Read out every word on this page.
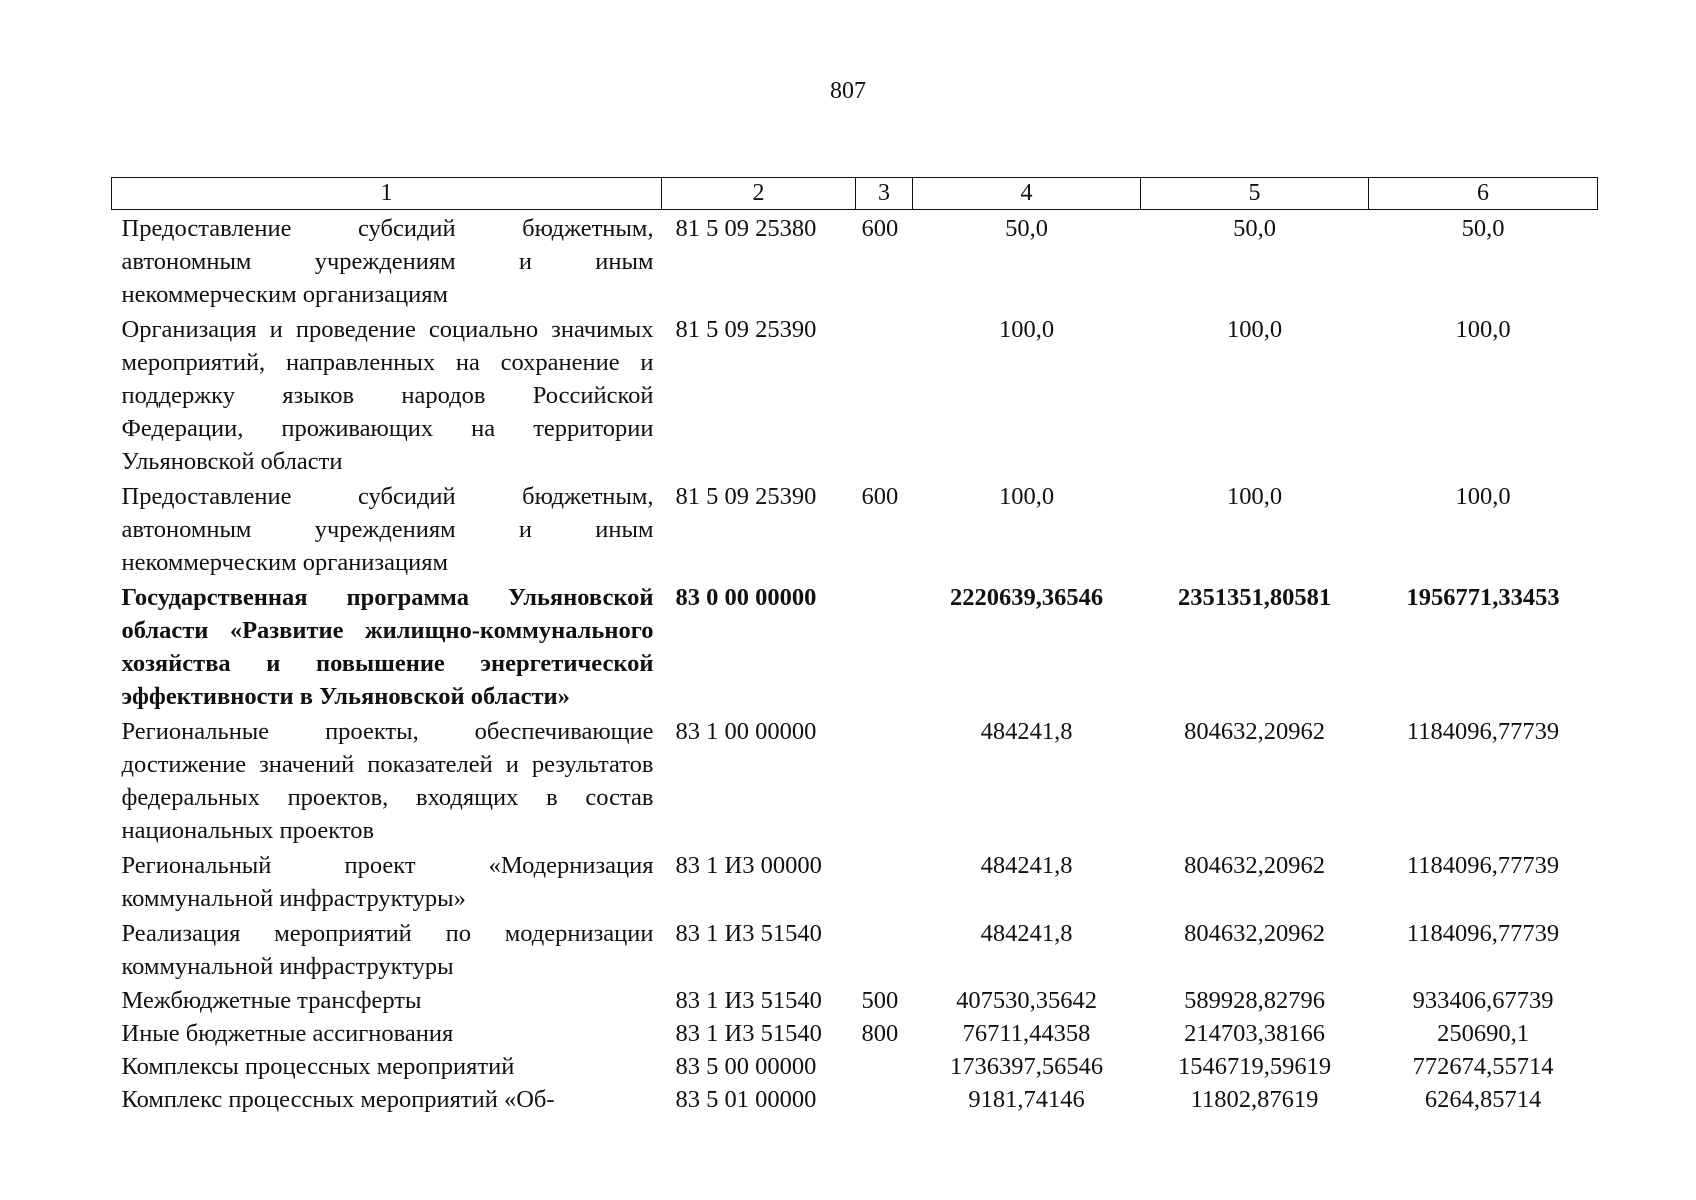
807
1	2	3	4	5	6
Предоставление субсидий бюджетным, автономным учреждениям и иным некоммерческим организациям	81 5 09 25380	600	50,0	50,0	50,0
Организация и проведение социально значимых мероприятий, направленных на сохранение и поддержку языков народов Российской Федерации, проживающих на территории Ульяновской области	81 5 09 25390		100,0	100,0	100,0
Предоставление субсидий бюджетным, автономным учреждениям и иным некоммерческим организациям	81 5 09 25390	600	100,0	100,0	100,0
Государственная программа Ульяновской области «Развитие жилищно-коммунального хозяйства и повышение энергетической эффективности в Ульяновской области»	83 0 00 00000		2220639,36546	2351351,80581	1956771,33453
Региональные проекты, обеспечивающие достижение значений показателей и результатов федеральных проектов, входящих в состав национальных проектов	83 1 00 00000		484241,8	804632,20962	1184096,77739
Региональный проект «Модернизация коммунальной инфраструктуры»	83 1 И3 00000		484241,8	804632,20962	1184096,77739
Реализация мероприятий по модернизации коммунальной инфраструктуры	83 1 И3 51540		484241,8	804632,20962	1184096,77739
Межбюджетные трансферты	83 1 И3 51540	500	407530,35642	589928,82796	933406,67739
Иные бюджетные ассигнования	83 1 И3 51540	800	76711,44358	214703,38166	250690,1
Комплексы процессных мероприятий	83 5 00 00000		1736397,56546	1546719,59619	772674,55714
Комплекс процессных мероприятий «Об-	83 5 01 00000		9181,74146	11802,87619	6264,85714
